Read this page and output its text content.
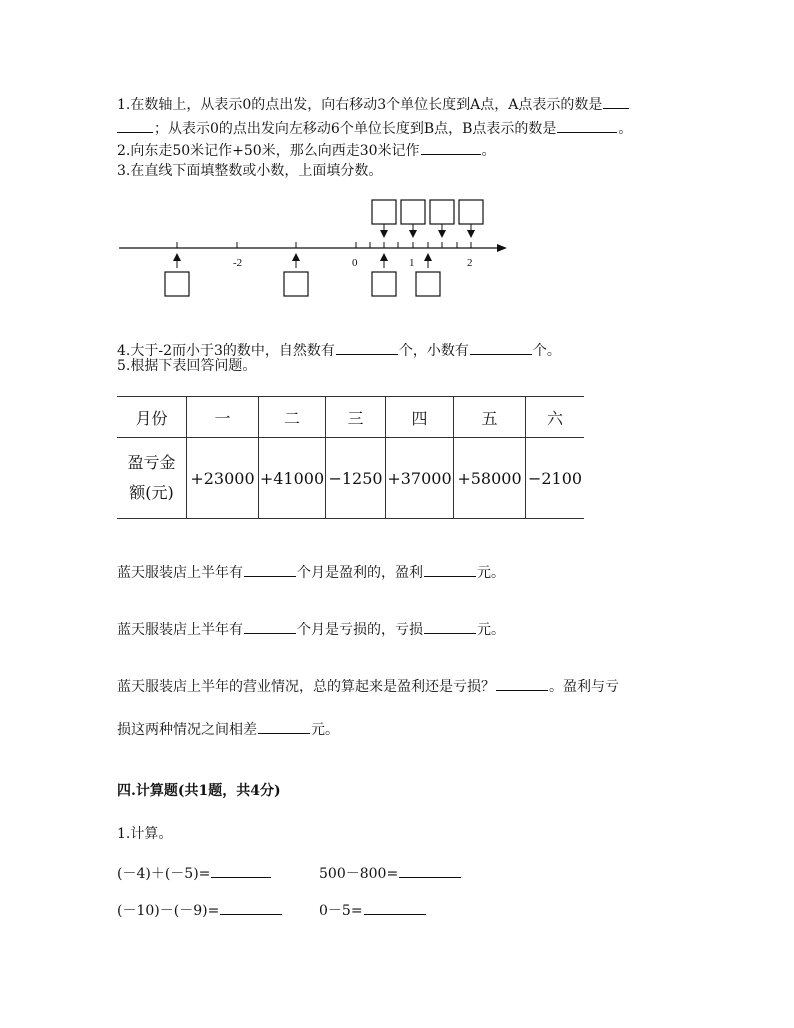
1.在数轴上，从表示0的点出发，向右移动3个单位长度到A点，A点表示的数是
；从表示0的点出发向左移动6个单位长度到B点，B点表示的数是	。
2.向东走50米记作+50米，那么向西走30米记作	。
3.在直线下面填整数或小数，上面填分数。
-2	0	1	2
4.大于-2而小于3的数中，自然数有	个，小数有	个。
5.根据下表回答问题。
月份	一	二	三	四	五	六

盈亏金
额(元)	+23000	+41000	−1250	+37000	+58000	−2100
蓝天服装店上半年有	个月是盈利的，盈利	元。
蓝天服装店上半年有	个月是亏损的，亏损	元。
蓝天服装店上半年的营业情况，总的算起来是盈利还是亏损？	。盈利与亏
损这两种情况之间相差	元。
四.计算题(共1题，共4分)
1.计算。
(－4)＋(－5)=	500－800=
(－10)－(－9)=	0－5=
